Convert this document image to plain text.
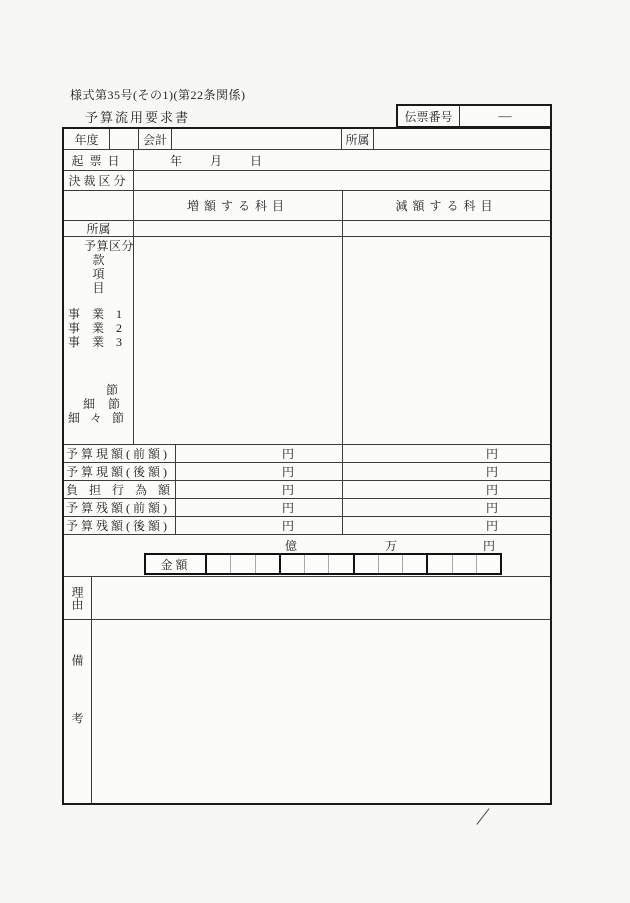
様式第35号(その1)(第22条関係)
予算流用要求書	伝票番号	—
年度	会計	所属
起票日	年 月 日
決裁区分
増額する科目	減額する科目
所属
予算区分
款
項
目
事業1
事業2
事業3
節
細節
細々節
予算現額(前額)	円	円
予算現額(後額)	円	円
負担行為額	円	円
予算残額(前額)	円	円
予算残額(後額)	円	円
億	万	円
金額
理由
備考
